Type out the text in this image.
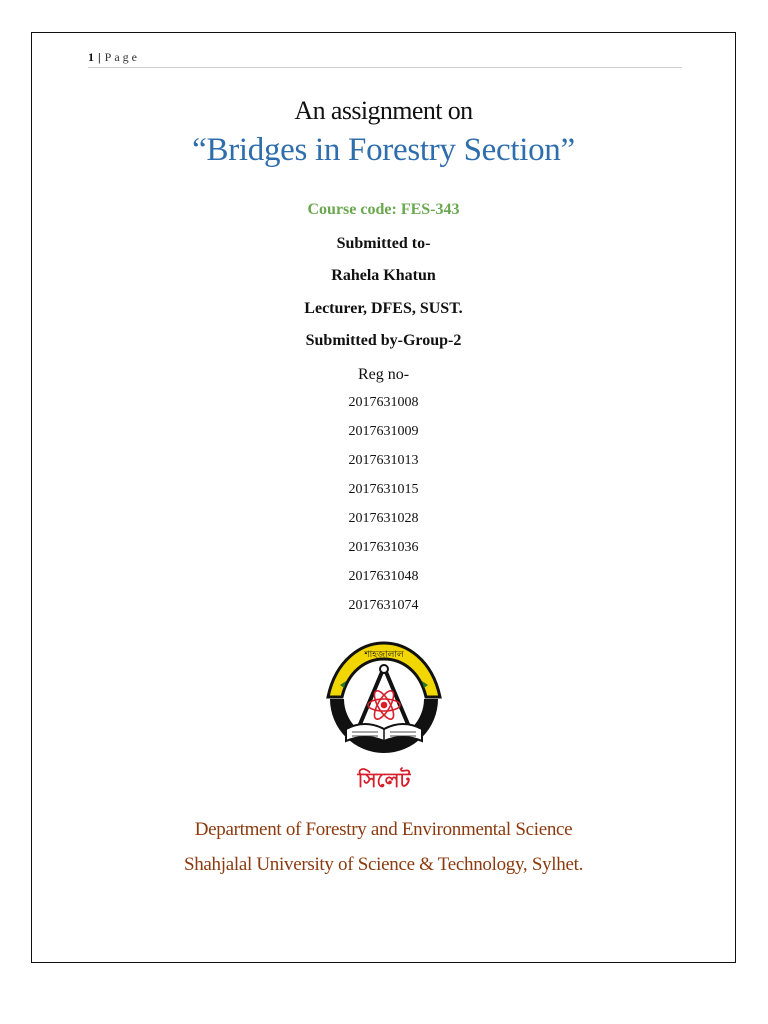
1 | Page
An assignment on
“Bridges in Forestry Section”
Course code: FES-343
Submitted to-
Rahela Khatun
Lecturer, DFES, SUST.
Submitted by-Group-2
Reg no-
2017631008
2017631009
2017631013
2017631015
2017631028
2017631036
2017631048
2017631074
শাহজালাল
বিজ্ঞান ও প্রযুক্তি বিশ্ববিদ্যালয়
সিলেট
Department of Forestry and Environmental Science
Shahjalal University of Science & Technology, Sylhet.
